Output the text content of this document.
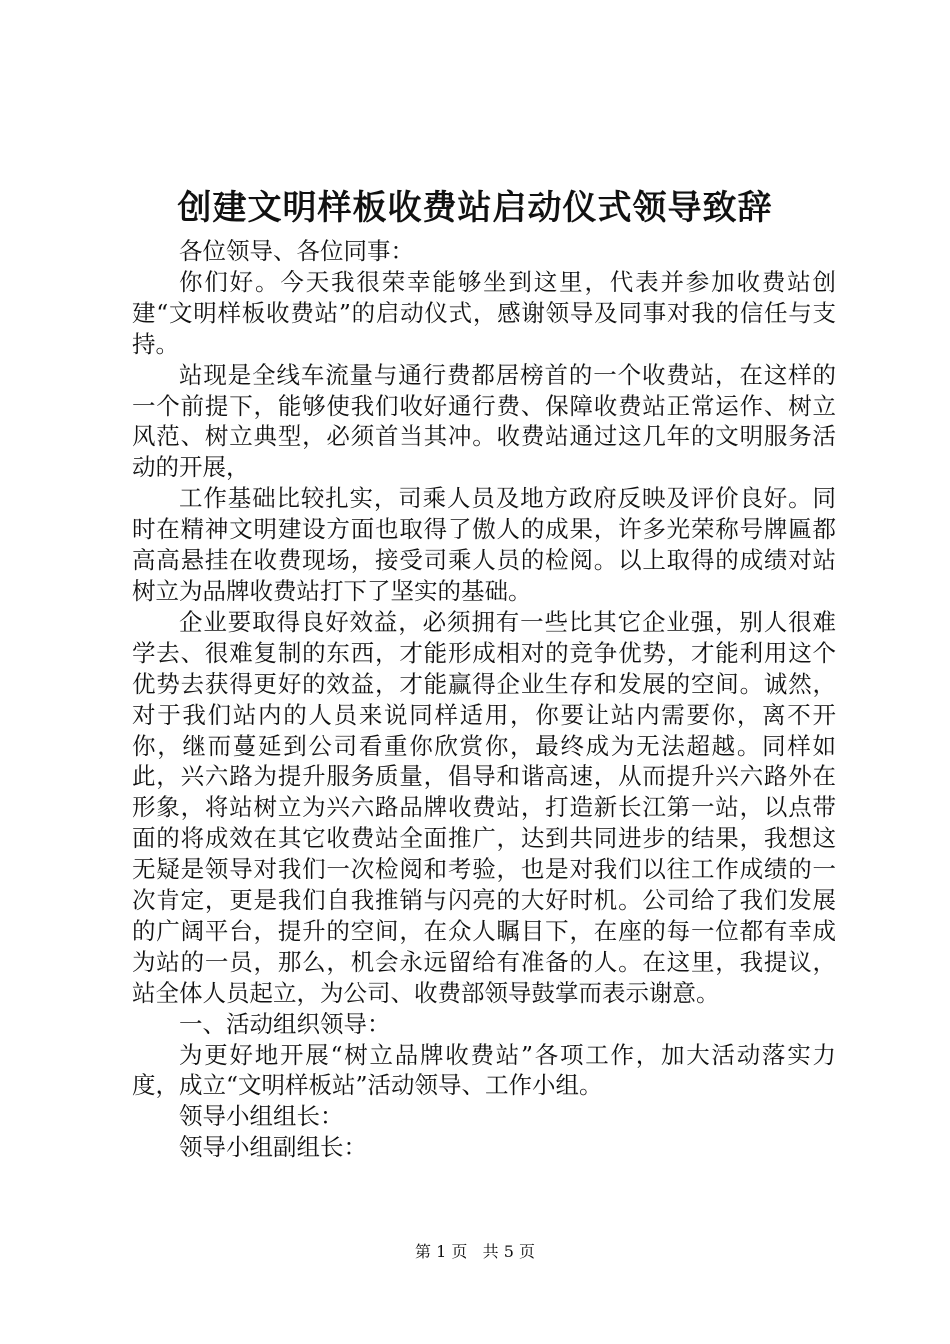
创建文明样板收费站启动仪式领导致辞

各位领导、各位同事：

你们好。今天我很荣幸能够坐到这里，代表并参加收费站创建“文明样板收费站”的启动仪式，感谢领导及同事对我的信任与支持。

站现是全线车流量与通行费都居榜首的一个收费站，在这样的一个前提下，能够使我们收好通行费、保障收费站正常运作、树立风范、树立典型，必须首当其冲。收费站通过这几年的文明服务活动的开展，

工作基础比较扎实，司乘人员及地方政府反映及评价良好。同时在精神文明建设方面也取得了傲人的成果，许多光荣称号牌匾都高高悬挂在收费现场，接受司乘人员的检阅。以上取得的成绩对站树立为品牌收费站打下了坚实的基础。

企业要取得良好效益，必须拥有一些比其它企业强，别人很难学去、很难复制的东西，才能形成相对的竞争优势，才能利用这个优势去获得更好的效益，才能赢得企业生存和发展的空间。诚然，对于我们站内的人员来说同样适用，你要让站内需要你，离不开你，继而蔓延到公司看重你欣赏你，最终成为无法超越。同样如此，兴六路为提升服务质量，倡导和谐高速，从而提升兴六路外在形象，将站树立为兴六路品牌收费站，打造新长江第一站，以点带面的将成效在其它收费站全面推广，达到共同进步的结果，我想这无疑是领导对我们一次检阅和考验，也是对我们以往工作成绩的一次肯定，更是我们自我推销与闪亮的大好时机。公司给了我们发展的广阔平台，提升的空间，在众人瞩目下，在座的每一位都有幸成为站的一员，那么，机会永远留给有准备的人。在这里，我提议，站全体人员起立，为公司、收费部领导鼓掌而表示谢意。

一、活动组织领导：

为更好地开展“树立品牌收费站”各项工作，加大活动落实力度，成立“文明样板站”活动领导、工作小组。

领导小组组长：

领导小组副组长：

第 1 页   共 5 页
